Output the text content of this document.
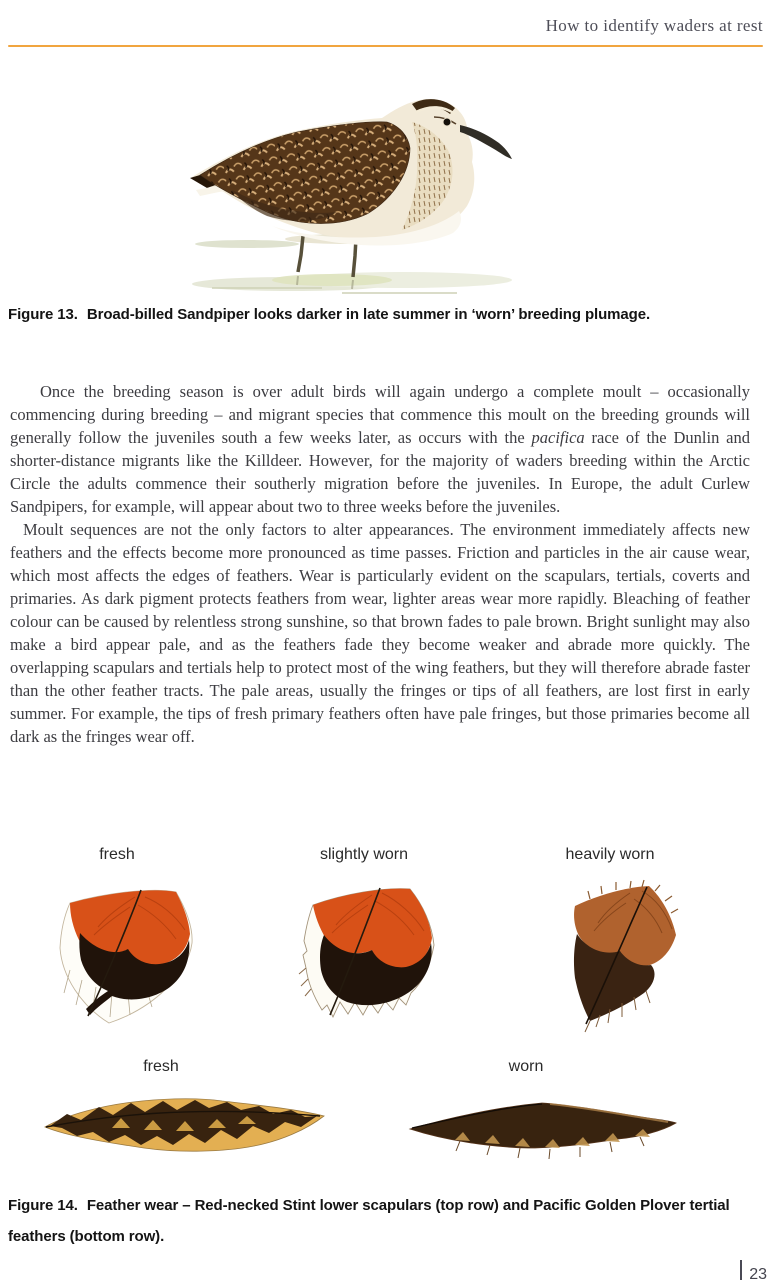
How to identify waders at rest
Figure 13. Broad-billed Sandpiper looks darker in late summer in ‘worn’ breeding plumage.

Once the breeding season is over adult birds will again undergo a complete moult – occasionally commencing during breeding – and migrant species that commence this moult on the breeding grounds will generally follow the juveniles south a few weeks later, as occurs with the pacifica race of the Dunlin and shorter-distance migrants like the Killdeer. However, for the majority of waders breeding within the Arctic Circle the adults commence their southerly migration before the juveniles. In Europe, the adult Curlew Sandpipers, for example, will appear about two to three weeks before the juveniles.

Moult sequences are not the only factors to alter appearances. The environment immediately affects new feathers and the effects become more pronounced as time passes. Friction and particles in the air cause wear, which most affects the edges of feathers. Wear is particularly evident on the scapulars, tertials, coverts and primaries. As dark pigment protects feathers from wear, lighter areas wear more rapidly. Bleaching of feather colour can be caused by relentless strong sunshine, so that brown fades to pale brown. Bright sunlight may also make a bird appear pale, and as the feathers fade they become weaker and abrade more quickly. The overlapping scapulars and tertials help to protect most of the wing feathers, but they will therefore abrade faster than the other feather tracts. The pale areas, usually the fringes or tips of all feathers, are lost first in early summer. For example, the tips of fresh primary feathers often have pale fringes, but those primaries become all dark as the fringes wear off.

fresh	slightly worn	heavily worn
fresh	worn
Figure 14. Feather wear – Red-necked Stint lower scapulars (top row) and Pacific Golden Plover tertial feathers (bottom row).
23
